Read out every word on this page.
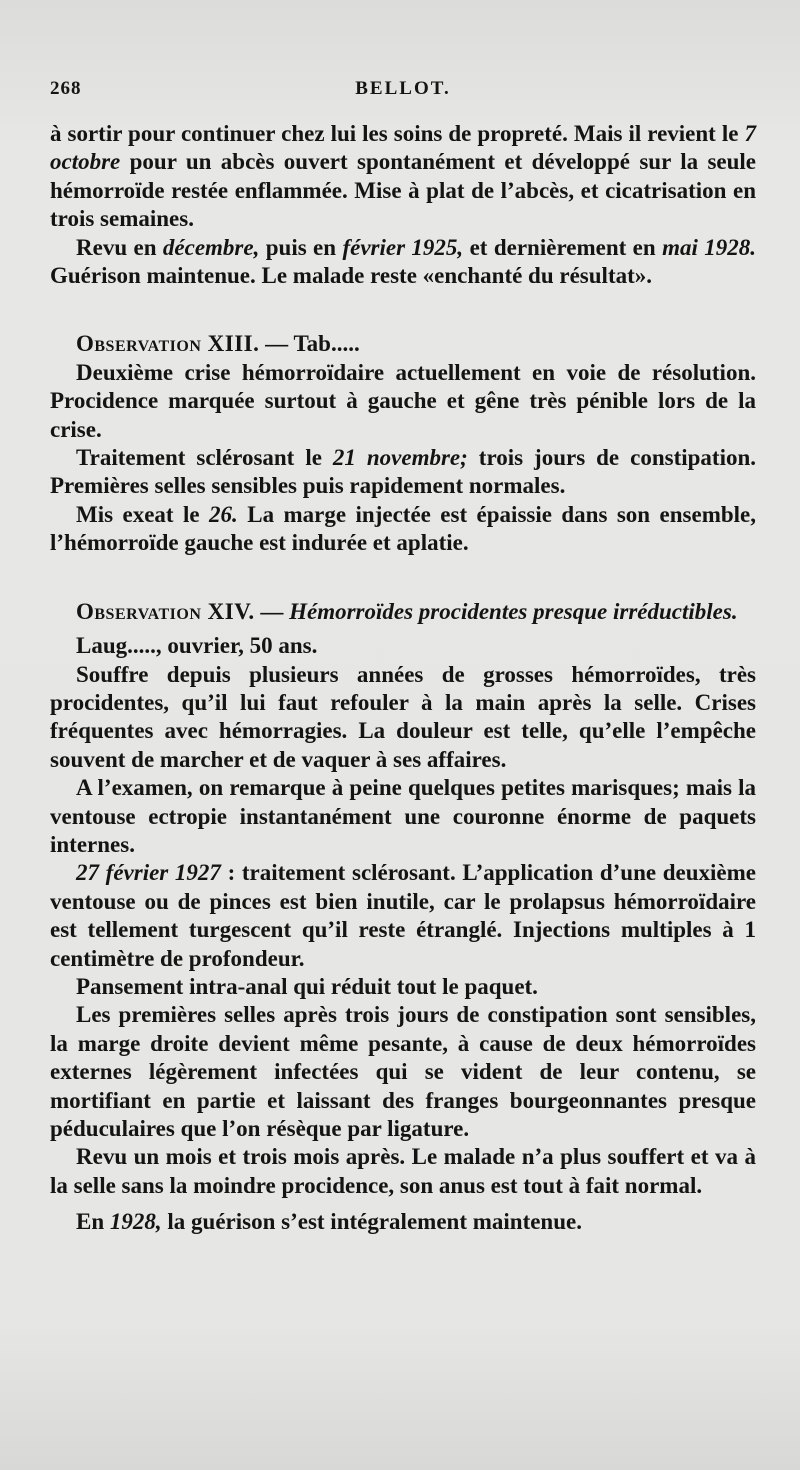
268	BELLOT.

à sortir pour continuer chez lui les soins de propreté. Mais il revient le 7 octobre pour un abcès ouvert spontanément et développé sur la seule hémorroïde restée enflammée. Mise à plat de l’abcès, et cicatrisation en trois semaines.

Revu en décembre, puis en février 1925, et dernièrement en mai 1928. Guérison maintenue. Le malade reste «enchanté du résultat».

Observation XIII. — Tab.....

Deuxième crise hémorroïdaire actuellement en voie de résolution. Procidence marquée surtout à gauche et gêne très pénible lors de la crise.

Traitement sclérosant le 21 novembre; trois jours de constipation. Premières selles sensibles puis rapidement normales.

Mis exeat le 26. La marge injectée est épaissie dans son ensemble, l’hémorroïde gauche est indurée et aplatie.

Observation XIV. — Hémorroïdes procidentes presque irréductibles.

Laug....., ouvrier, 50 ans.

Souffre depuis plusieurs années de grosses hémorroïdes, très procidentes, qu’il lui faut refouler à la main après la selle. Crises fréquentes avec hémorragies. La douleur est telle, qu’elle l’empêche souvent de marcher et de vaquer à ses affaires.

A l’examen, on remarque à peine quelques petites marisques; mais la ventouse ectropie instantanément une couronne énorme de paquets internes.

27 février 1927 : traitement sclérosant. L’application d’une deuxième ventouse ou de pinces est bien inutile, car le prolapsus hémorroïdaire est tellement turgescent qu’il reste étranglé. Injections multiples à 1 centimètre de profondeur.

Pansement intra-anal qui réduit tout le paquet.

Les premières selles après trois jours de constipation sont sensibles, la marge droite devient même pesante, à cause de deux hémorroïdes externes légèrement infectées qui se vident de leur contenu, se mortifiant en partie et laissant des franges bourgeonnantes presque péduculaires que l’on résèque par ligature.

Revu un mois et trois mois après. Le malade n’a plus souffert et va à la selle sans la moindre procidence, son anus est tout à fait normal.

En 1928, la guérison s’est intégralement maintenue.
